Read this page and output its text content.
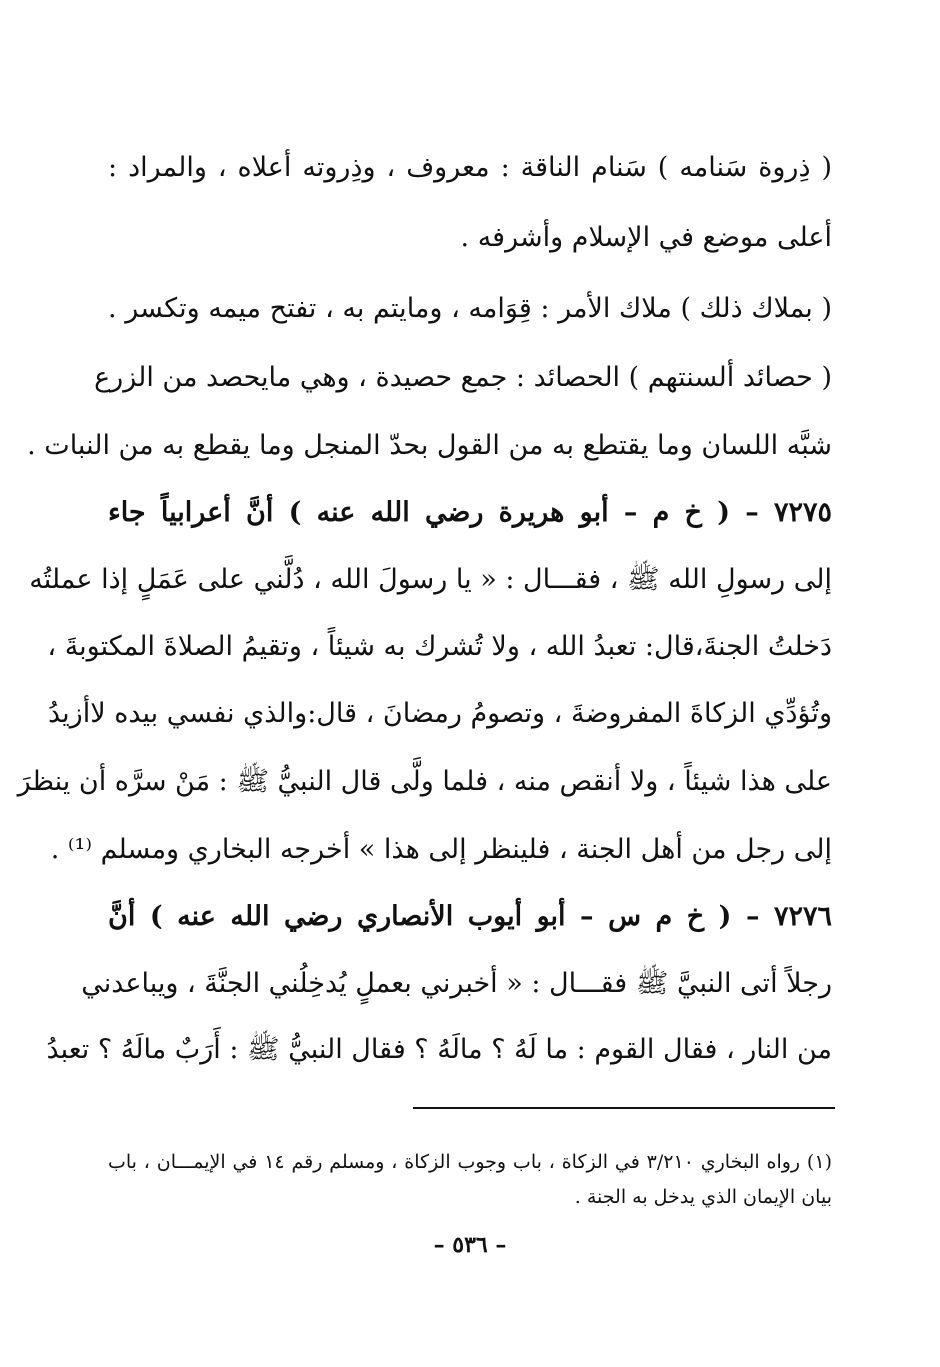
( ذِروة سَنامه ) سَنام الناقة : معروف ، وذِروته أعلاه ، والمراد :
أعلى موضع في الإسلام وأشرفه .
( بملاك ذلك ) ملاك الأمر : قِوَامه ، ومايتم به ، تفتح ميمه وتكسر .
( حصائد ألسنتهم ) الحصائد : جمع حصيدة ، وهي مايحصد من الزرع
شبَّه اللسان وما يقتطع به من القول بحدّ المنجل وما يقطع به من النبات .
٧٢٧٥ – ( خ م – أبو هريرة رضي الله عنه ) أنَّ أعرابياً جاء
إلى رسولِ الله ﷺ ، فقـــال : « يا رسولَ الله ، دُلَّني على عَمَلٍ إذا عملتُه
دَخلتُ الجنةَ،قال: تعبدُ الله ، ولا تُشرك به شيئاً ، وتقيمُ الصلاةَ المكتوبةَ ،
وتُؤدِّي الزكاةَ المفروضةَ ، وتصومُ رمضانَ ، قال:والذي نفسي بيده لاأزيدُ
على هذا شيئاً ، ولا أنقص منه ، فلما ولَّى قال النبيُّ ﷺ : مَنْ سرَّه أن ينظرَ
إلى رجل من أهل الجنة ، فلينظر إلى هذا » أخرجه البخاري ومسلم ⁽¹⁾ .
٧٢٧٦ – ( خ م س – أبو أيوب الأنصاري رضي الله عنه ) أنَّ
رجلاً أتى النبيَّ ﷺ فقـــال : « أخبرني بعملٍ يُدخِلُني الجنَّةَ ، ويباعدني
من النار ، فقال القوم : ما لَهُ ؟ مالَهُ ؟ فقال النبيُّ ﷺ : أَرَبٌ مالَهُ ؟ تعبدُ
(١) رواه البخاري ٣/٢١٠ في الزكاة ، باب وجوب الزكاة ، ومسلم رقم ١٤ في الإيمـــان ، باب
بيان الإيمان الذي يدخل به الجنة .
– ٥٣٦ –
